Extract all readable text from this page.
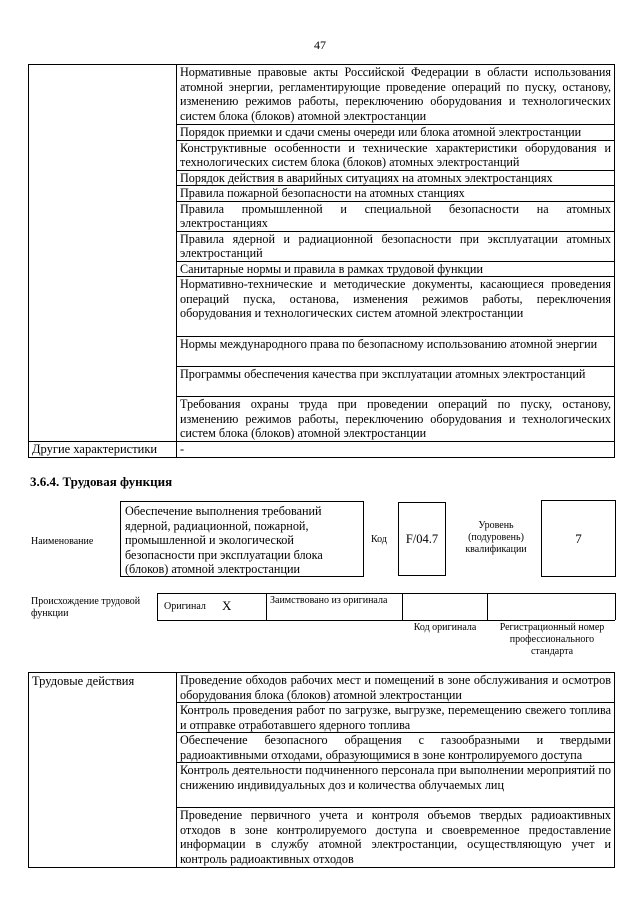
47
	Нормативные правовые акты Российской Федерации в области использования атомной энергии, регламентирующие проведение операций по пуску, останову, изменению режимов работы, переключению оборудования и технологических систем блока (блоков) атомной электростанции
	Порядок приемки и сдачи смены очереди или блока атомной электростанции
	Конструктивные особенности и технические характеристики оборудования и технологических систем блока (блоков) атомных электростанций
	Порядок действия в аварийных ситуациях на атомных электростанциях
	Правила пожарной безопасности на атомных станциях
	Правила промышленной и специальной безопасности на атомных электростанциях
	Правила ядерной и радиационной безопасности при эксплуатации атомных электростанций
	Санитарные нормы и правила в рамках трудовой функции
	Нормативно-технические и методические документы, касающиеся проведения операций пуска, останова, изменения режимов работы, переключения оборудования и технологических систем атомной электростанции
	Нормы международного права по безопасному использованию атомной энергии
	Программы обеспечения качества при эксплуатации атомных электростанций
	Требования охраны труда при проведении операций по пуску, останову, изменению режимов работы, переключению оборудования и технологических систем блока (блоков) атомной электростанции
Другие характеристики	-
3.6.4. Трудовая функция
Наименование
Обеспечение выполнения требований ядерной, радиационной, пожарной, промышленной и экологической безопасности при эксплуатации блока (блоков) атомной электростанции
Код	F/04.7
Уровень (подуровень) квалификации
7
Происхождение трудовой функции
Оригинал X	Заимствовано из оригинала
Код оригинала	Регистрационный номер профессионального стандарта
Трудовые действия	Проведение обходов рабочих мест и помещений в зоне обслуживания и осмотров оборудования блока (блоков) атомной электростанции
Контроль проведения работ по загрузке, выгрузке, перемещению свежего топлива и отправке отработавшего ядерного топлива
Обеспечение безопасного обращения с газообразными и твердыми радиоактивными отходами, образующимися в зоне контролируемого доступа
Контроль деятельности подчиненного персонала при выполнении мероприятий по снижению индивидуальных доз и количества облучаемых лиц
Проведение первичного учета и контроля объемов твердых радиоактивных отходов в зоне контролируемого доступа и своевременное предоставление информации в службу атомной электростанции, осуществляющую учет и контроль радиоактивных отходов
